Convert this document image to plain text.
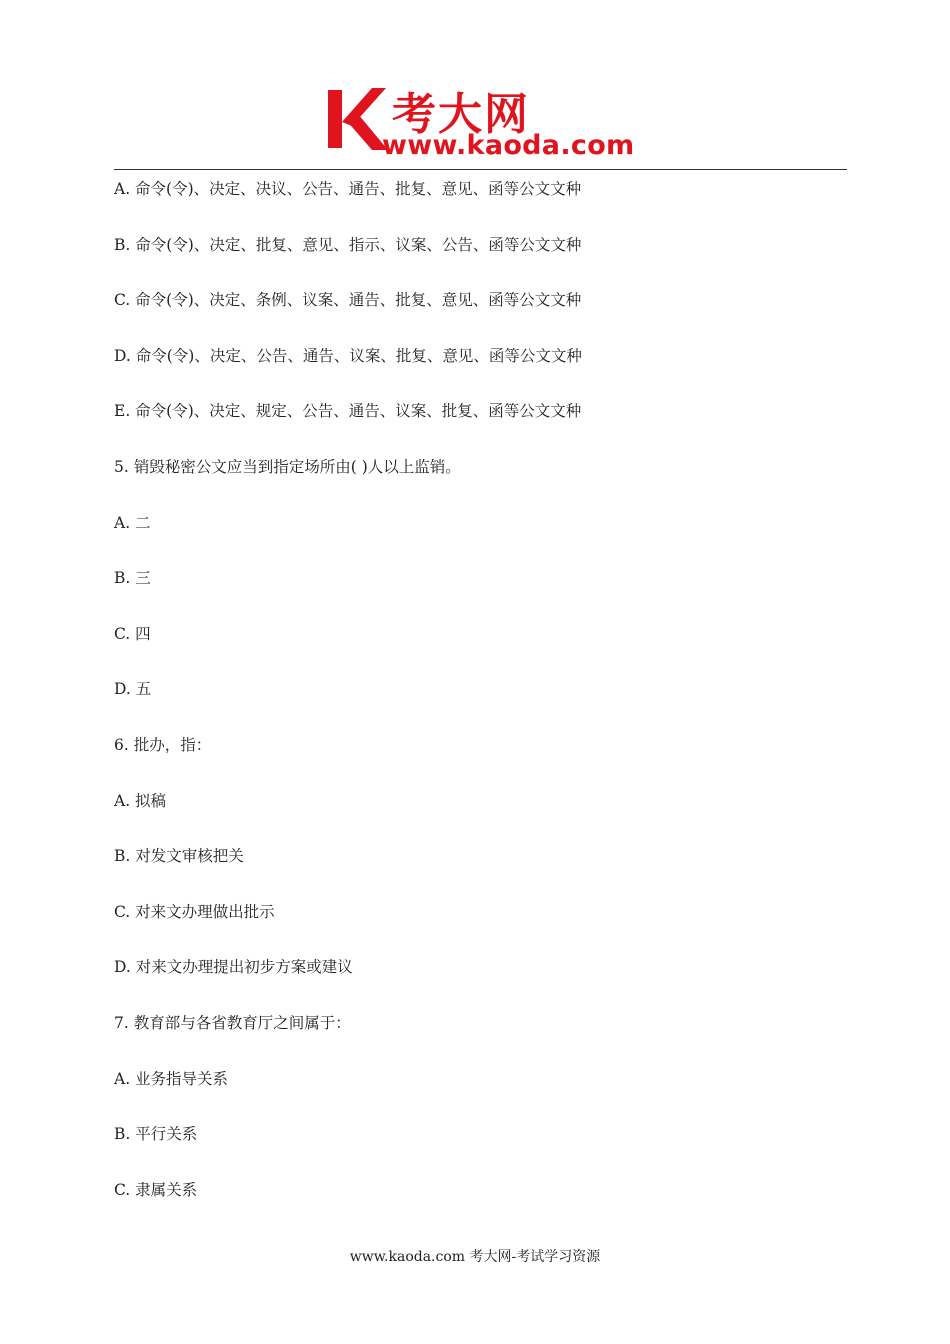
考大网
www.kaoda.com
A. 命令(令)、决定、决议、公告、通告、批复、意见、函等公文文种
B. 命令(令)、决定、批复、意见、指示、议案、公告、函等公文文种
C. 命令(令)、决定、条例、议案、通告、批复、意见、函等公文文种
D. 命令(令)、决定、公告、通告、议案、批复、意见、函等公文文种
E. 命令(令)、决定、规定、公告、通告、议案、批复、函等公文文种
5. 销毁秘密公文应当到指定场所由( )人以上监销。
A. 二
B. 三
C. 四
D. 五
6. 批办，指：
A. 拟稿
B. 对发文审核把关
C. 对来文办理做出批示
D. 对来文办理提出初步方案或建议
7. 教育部与各省教育厅之间属于：
A. 业务指导关系
B. 平行关系
C. 隶属关系
www.kaoda.com 考大网-考试学习资源
